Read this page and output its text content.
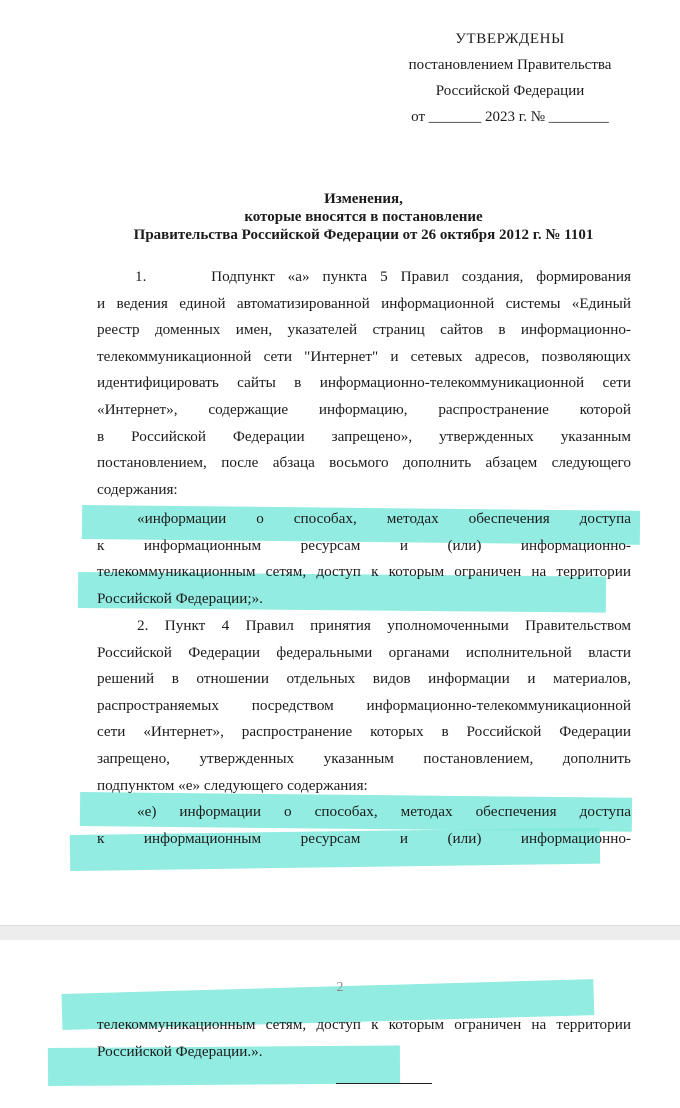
УТВЕРЖДЕНЫ
постановлением Правительства
Российской Федерации
от _______ 2023 г. № ________
Изменения,
которые вносятся в постановление
Правительства Российской Федерации от 26 октября 2012 г. № 1101
1.     Подпункт «а» пункта 5 Правил создания, формирования
и ведения единой автоматизированной информационной системы «Единый
реестр доменных имен, указателей страниц сайтов в информационно-
телекоммуникационной сети "Интернет" и сетевых адресов, позволяющих
идентифицировать сайты в информационно-телекоммуникационной сети
«Интернет», содержащие информацию, распространение которой
в Российской Федерации запрещено», утвержденных указанным
постановлением, после абзаца восьмого дополнить абзацем следующего
содержания:
«информации о способах, методах обеспечения доступа
к информационным ресурсам и (или) информационно-
телекоммуникационным сетям, доступ к которым ограничен на территории
Российской Федерации;».
2. Пункт 4 Правил принятия уполномоченными Правительством
Российской Федерации федеральными органами исполнительной власти
решений в отношении отдельных видов информации и материалов,
распространяемых посредством информационно-телекоммуникационной
сети «Интернет», распространение которых в Российской Федерации
запрещено, утвержденных указанным постановлением, дополнить
подпунктом «е» следующего содержания:
«е) информации о способах, методах обеспечения доступа
к информационным ресурсам и (или) информационно-
2
телекоммуникационным сетям, доступ к которым ограничен на территории
Российской Федерации.».
